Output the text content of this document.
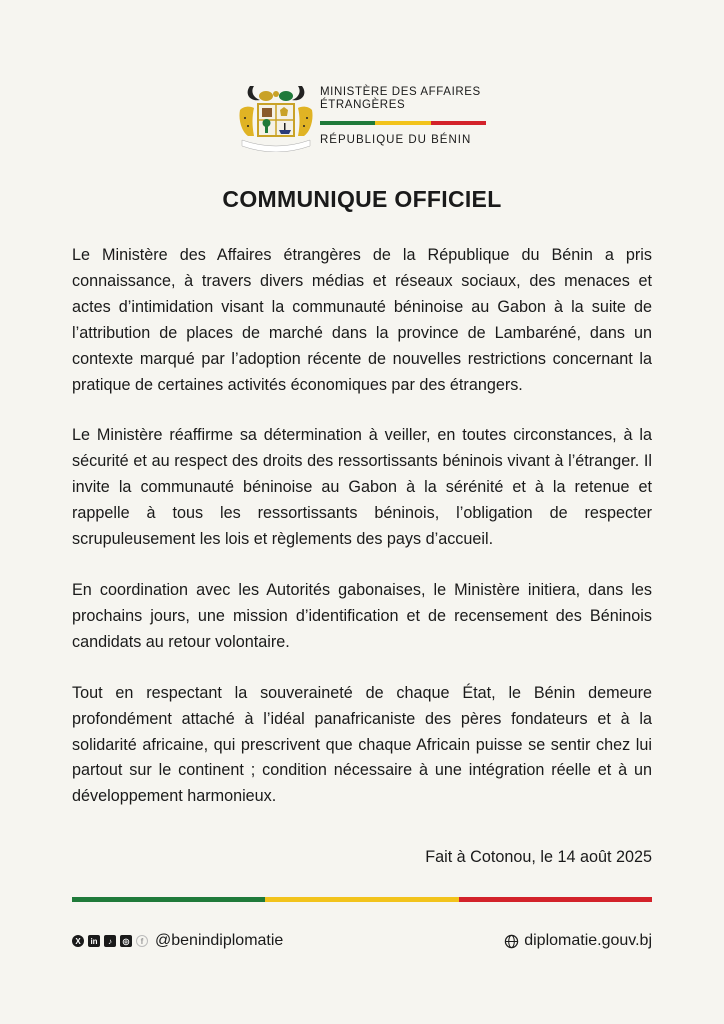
MINISTÈRE DES AFFAIRES
ÉTRANGÈRES
RÉPUBLIQUE DU BÉNIN
COMMUNIQUE OFFICIEL

Le Ministère des Affaires étrangères de la République du Bénin a pris connaissance, à travers divers médias et réseaux sociaux, des menaces et actes d’intimidation visant la communauté béninoise au Gabon à la suite de l’attribution de places de marché dans la province de Lambaréné, dans un contexte marqué par l’adoption récente de nouvelles restrictions concernant la pratique de certaines activités économiques par des étrangers.

Le Ministère réaffirme sa détermination à veiller, en toutes circonstances, à la sécurité et au respect des droits des ressortissants béninois vivant à l’étranger. Il invite la communauté béninoise au Gabon à la sérénité et à la retenue et rappelle à tous les ressortissants béninois, l’obligation de respecter scrupuleusement les lois et règlements des pays d’accueil.

En coordination avec les Autorités gabonaises, le Ministère initiera, dans les prochains jours, une mission d’identification et de recensement des Béninois candidats au retour volontaire.

Tout en respectant la souveraineté de chaque État, le Bénin demeure profondément attaché à l’idéal panafricaniste des pères fondateurs et à la solidarité africaine, qui prescrivent que chaque Africain puisse se sentir chez lui partout sur le continent ; condition nécessaire à une intégration réelle et à un développement harmonieux.

Fait à Cotonou, le 14 août 2025
X	in	♪	◎	f @benindiplomatie	diplomatie.gouv.bj
